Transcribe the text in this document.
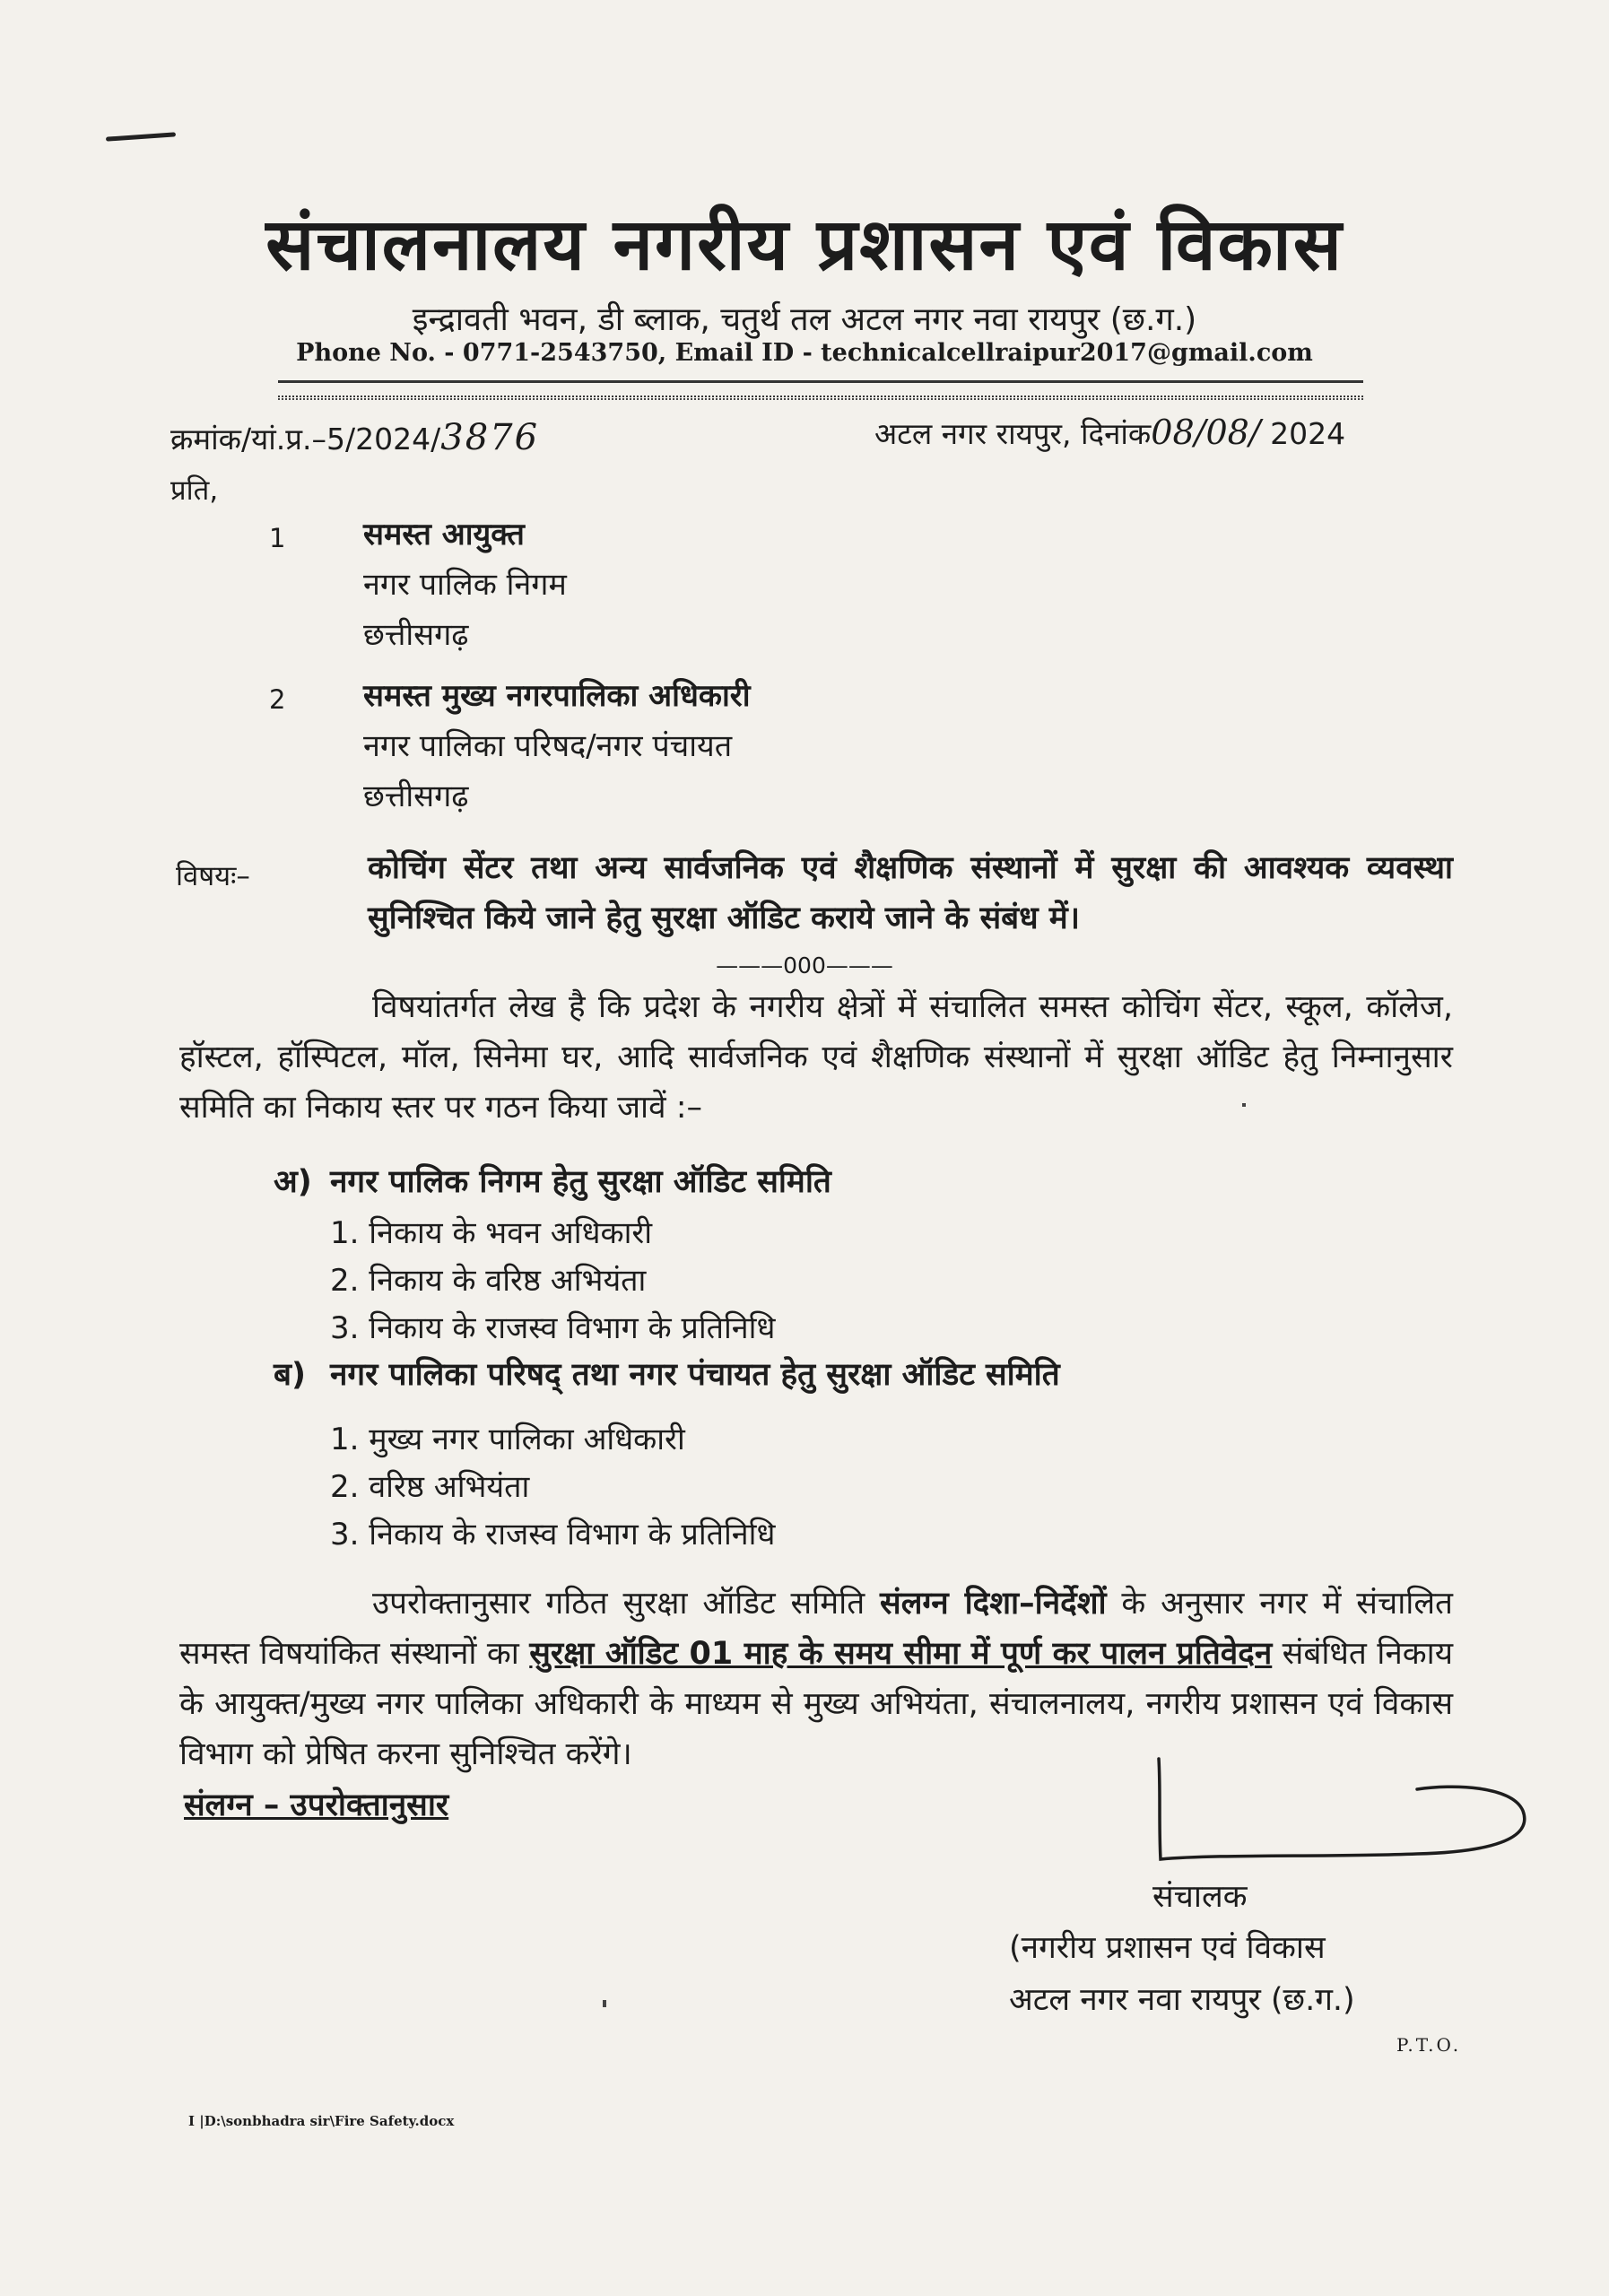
संचालनालय नगरीय प्रशासन एवं विकास
इन्द्रावती भवन, डी ब्लाक, चतुर्थ तल अटल नगर नवा रायपुर (छ.ग.)
Phone No. - 0771-2543750, Email ID - technicalcellraipur2017@gmail.com
क्रमांक/यां.प्र.–5/2024/3876	अटल नगर रायपुर, दिनांक08/08/ 2024
प्रति,
1	समस्त आयुक्त
नगर पालिक निगम
छत्तीसगढ़
2	समस्त मुख्य नगरपालिका अधिकारी
नगर पालिका परिषद/नगर पंचायत
छत्तीसगढ़
विषयः–	कोचिंग सेंटर तथा अन्य सार्वजनिक एवं शैक्षणिक संस्थानों में सुरक्षा की आवश्यक व्यवस्था सुनिश्चित किये जाने हेतु सुरक्षा ऑडिट कराये जाने के संबंध में।
———000———
विषयांतर्गत लेख है कि प्रदेश के नगरीय क्षेत्रों में संचालित समस्त कोचिंग सेंटर, स्कूल, कॉलेज, हॉस्टल, हॉस्पिटल, मॉल, सिनेमा घर, आदि सार्वजनिक एवं शैक्षणिक संस्थानों में सुरक्षा ऑडिट हेतु निम्नानुसार समिति का निकाय स्तर पर गठन किया जावें :–
अ) नगर पालिक निगम हेतु सुरक्षा ऑडिट समिति
1. निकाय के भवन अधिकारी
2. निकाय के वरिष्ठ अभियंता
3. निकाय के राजस्व विभाग के प्रतिनिधि
ब) नगर पालिका परिषद् तथा नगर पंचायत हेतु सुरक्षा ऑडिट समिति
1. मुख्य नगर पालिका अधिकारी
2. वरिष्ठ अभियंता
3. निकाय के राजस्व विभाग के प्रतिनिधि
उपरोक्तानुसार गठित सुरक्षा ऑडिट समिति संलग्न दिशा–निर्देशों के अनुसार नगर में संचालित समस्त विषयांकित संस्थानों का सुरक्षा ऑडिट 01 माह के समय सीमा में पूर्ण कर पालन प्रतिवेदन संबंधित निकाय के आयुक्त/मुख्य नगर पालिका अधिकारी के माध्यम से मुख्य अभियंता, संचालनालय, नगरीय प्रशासन एवं विकास विभाग को प्रेषित करना सुनिश्चित करेंगे।
संलग्न – उपरोक्तानुसार
संचालक
(नगरीय प्रशासन एवं विकास
अटल नगर नवा रायपुर (छ.ग.)
P.T.O.
I |D:\sonbhadra sir\Fire Safety.docx
